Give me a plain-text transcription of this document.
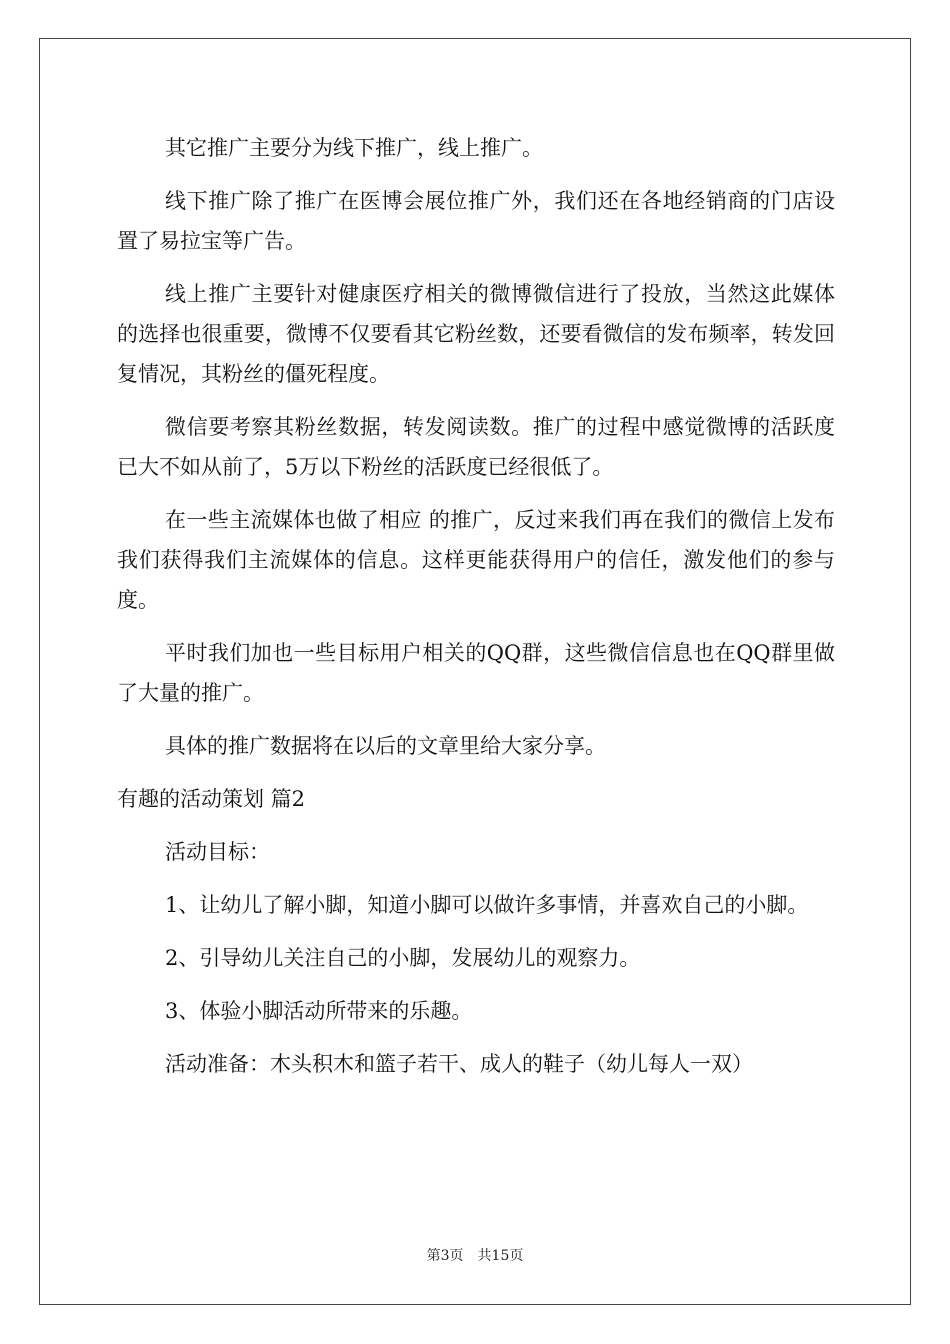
其它推广主要分为线下推广，线上推广。

线下推广除了推广在医博会展位推广外，我们还在各地经销商的门店设置了易拉宝等广告。

线上推广主要针对健康医疗相关的微博微信进行了投放，当然这此媒体的选择也很重要，微博不仅要看其它粉丝数，还要看微信的发布频率，转发回复情况，其粉丝的僵死程度。

微信要考察其粉丝数据，转发阅读数。推广的过程中感觉微博的活跃度已大不如从前了，5万以下粉丝的活跃度已经很低了。

在一些主流媒体也做了相应 的推广，反过来我们再在我们的微信上发布我们获得我们主流媒体的信息。这样更能获得用户的信任，激发他们的参与度。

平时我们加也一些目标用户相关的QQ群，这些微信信息也在QQ群里做了大量的推广。

具体的推广数据将在以后的文章里给大家分享。

有趣的活动策划 篇2

活动目标：

1、让幼儿了解小脚，知道小脚可以做许多事情，并喜欢自己的小脚。

2、引导幼儿关注自己的小脚，发展幼儿的观察力。

3、体验小脚活动所带来的乐趣。

活动准备：木头积木和篮子若干、成人的鞋子（幼儿每人一双）

第3页　共15页
